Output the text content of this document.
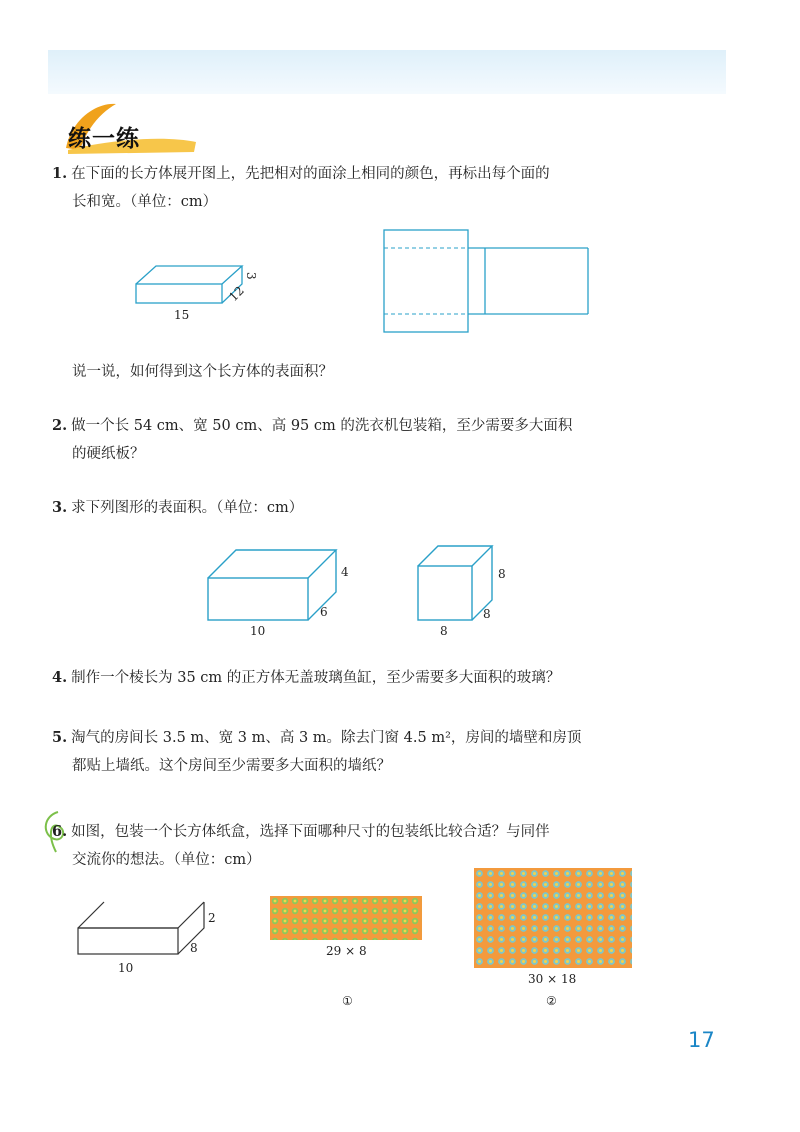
练一练

1. 在下面的长方体展开图上，先把相对的面涂上相同的颜色，再标出每个面的

长和宽。（单位：cm）

15
12
3

说一说，如何得到这个长方体的表面积？

2. 做一个长 54 cm、宽 50 cm、高 95 cm 的洗衣机包装箱，至少需要多大面积

的硬纸板？

3. 求下列图形的表面积。（单位：cm）

10
6
4
8
8
8

4. 制作一个棱长为 35 cm 的正方体无盖玻璃鱼缸，至少需要多大面积的玻璃？

5. 淘气的房间长 3.5 m、宽 3 m、高 3 m。除去门窗 4.5 m²，房间的墙壁和房顶

都贴上墙纸。这个房间至少需要多大面积的墙纸？

6. 如图，包装一个长方体纸盒，选择下面哪种尺寸的包装纸比较合适？与同伴

交流你的想法。（单位：cm）

10
8
2
29 × 8
①
30 × 18
②
17
